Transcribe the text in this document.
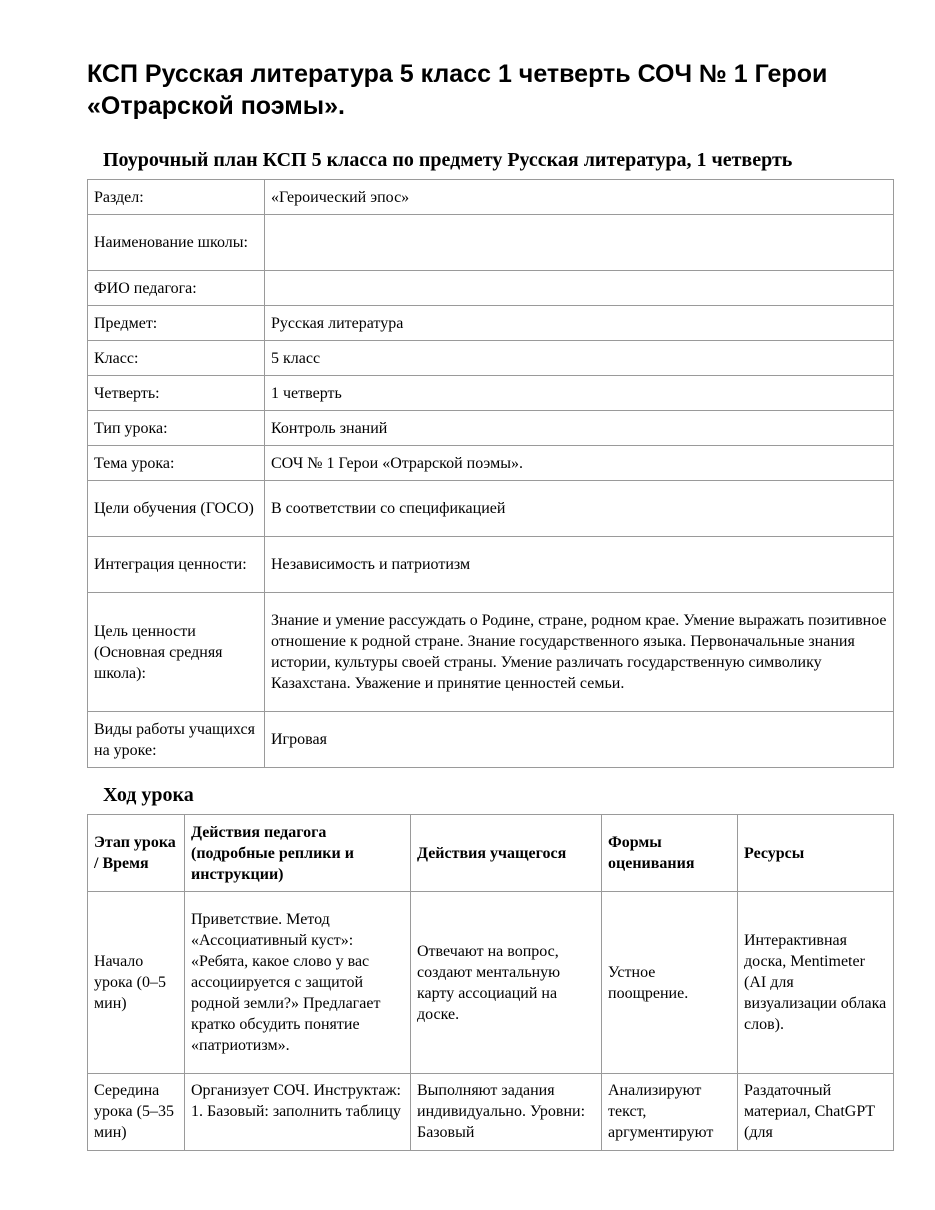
КСП Русская литература 5 класс 1 четверть СОЧ № 1 Герои «Отрарской поэмы».
Поурочный план КСП 5 класса по предмету Русская литература, 1 четверть
Раздел:	«Героический эпос»
Наименование школы:	
ФИО педагога:	
Предмет:	Русская литература
Класс:	5 класс
Четверть:	1 четверть
Тип урока:	Контроль знаний
Тема урока:	СОЧ № 1 Герои «Отрарской поэмы».
Цели обучения (ГОСО)	В соответствии со спецификацией
Интеграция ценности:	Независимость и патриотизм
Цель ценности (Основная средняя школа):	Знание и умение рассуждать о Родине, стране, родном крае. Умение выражать позитивное отношение к родной стране. Знание государственного языка. Первоначальные знания истории, культуры своей страны. Умение различать государственную символику Казахстана. Уважение и принятие ценностей семьи.
Виды работы учащихся на уроке:	Игровая
Ход урока
Этап урока / Время	Действия педагога (подробные реплики и инструкции)	Действия учащегося	Формы оценивания	Ресурсы
Начало урока (0–5 мин)	Приветствие. Метод «Ассоциативный куст»: «Ребята, какое слово у вас ассоциируется с защитой родной земли?» Предлагает кратко обсудить понятие «патриотизм».	Отвечают на вопрос, создают ментальную карту ассоциаций на доске.	Устное поощрение.	Интерактивная доска, Mentimeter (AI для визуализации облака слов).
Середина урока (5–35 мин)	Организует СОЧ. Инструктаж: 1. Базовый: заполнить таблицу	Выполняют задания индивидуально. Уровни: Базовый	Анализируют текст, аргументируют	Раздаточный материал, ChatGPT (для
